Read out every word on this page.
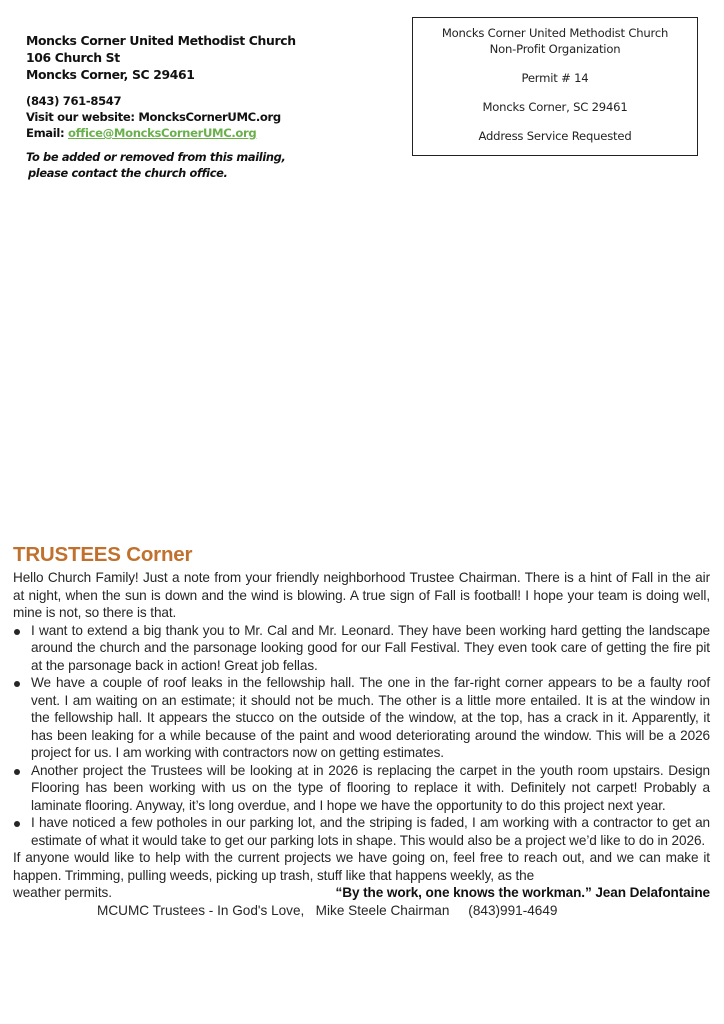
Moncks Corner United Methodist Church
106 Church St
Moncks Corner, SC 29461
(843) 761-8547
Visit our website: MoncksCornerUMC.org
Email: office@MoncksCornerUMC.org
To be added or removed from this mailing,
please contact the church office.
Moncks Corner United Methodist Church
Non-Profit Organization
Permit # 14
Moncks Corner, SC 29461
Address Service Requested
TRUSTEES Corner

Hello Church Family! Just a note from your friendly neighborhood Trustee Chairman. There is a hint of Fall in the air at night, when the sun is down and the wind is blowing. A true sign of Fall is football! I hope your team is doing well, mine is not, so there is that.

I want to extend a big thank you to Mr. Cal and Mr. Leonard. They have been working hard getting the landscape around the church and the parsonage looking good for our Fall Festival. They even took care of getting the fire pit at the parsonage back in action! Great job fellas.
We have a couple of roof leaks in the fellowship hall. The one in the far-right corner appears to be a faulty roof vent. I am waiting on an estimate; it should not be much. The other is a little more entailed. It is at the window in the fellowship hall. It appears the stucco on the outside of the window, at the top, has a crack in it. Apparently, it has been leaking for a while because of the paint and wood deteriorating around the window. This will be a 2026 project for us. I am working with contractors now on getting estimates.
Another project the Trustees will be looking at in 2026 is replacing the carpet in the youth room upstairs. Design Flooring has been working with us on the type of flooring to replace it with. Definitely not carpet! Probably a laminate flooring. Anyway, it’s long overdue, and I hope we have the opportunity to do this project next year.
I have noticed a few potholes in our parking lot, and the striping is faded, I am working with a contractor to get an estimate of what it would take to get our parking lots in shape. This would also be a project we’d like to do in 2026.

If anyone would like to help with the current projects we have going on, feel free to reach out, and we can make it happen. Trimming, pulling weeds, picking up trash, stuff like that happens weekly, as the

weather permits.	“By the work, one knows the workman.” Jean Delafontaine
MCUMC Trustees - In God's Love, Mike Steele Chairman (843)991-4649
